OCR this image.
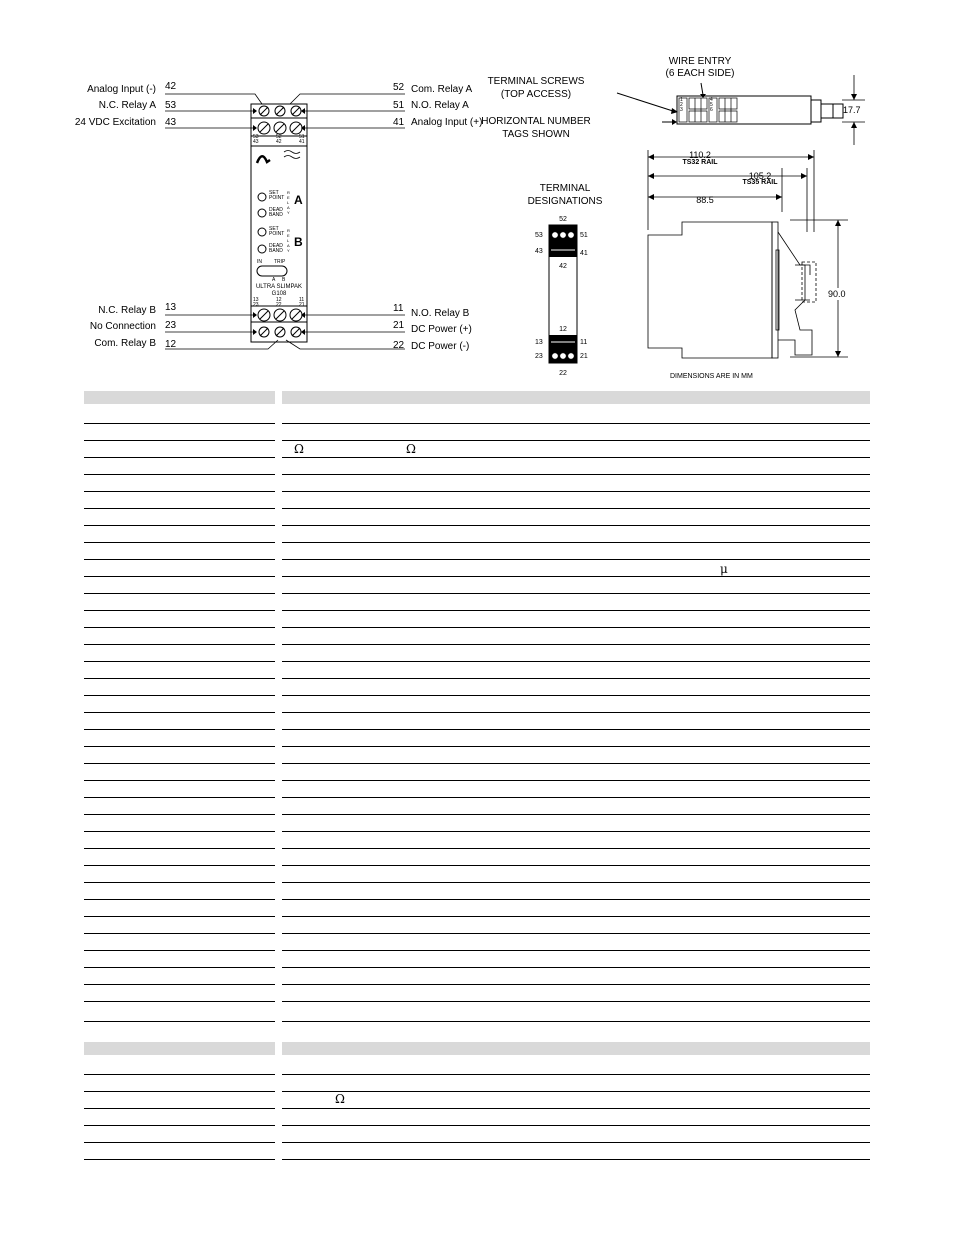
Analog Input (-) 42
N.C. Relay A 53
24 VDC Excitation 43
N.C. Relay B 13
No Connection 23
Com. Relay B 12
52 Com. Relay A
51 N.O. Relay A
41 Analog Input (+)
11 N.O. Relay B
21 DC Power (+)
22 DC Power (-)
53
43
52
42
51
41
SET POINT
DEAD BAND
SET POINT
DEAD BAND
RELAY
RELAY
A
B
IN TRIP
A B
ULTRA SLIMPAK
G108
13
23
12
22
11
21
TERMINAL SCREWS
(TOP ACCESS)
HORIZONTAL NUMBER
TAGS SHOWN
WIRE ENTRY
(6 EACH SIDE)
TERMINAL
DESIGNATIONS
52
53	51
43	41
42
12
13	11
23	21
22
1
2
3
4
5
6	17.7
110.2
TS32 RAIL
105.2
TS35 RAIL
88.5
90.0
DIMENSIONS ARE IN MM
Ω	Ω
μ
Ω
